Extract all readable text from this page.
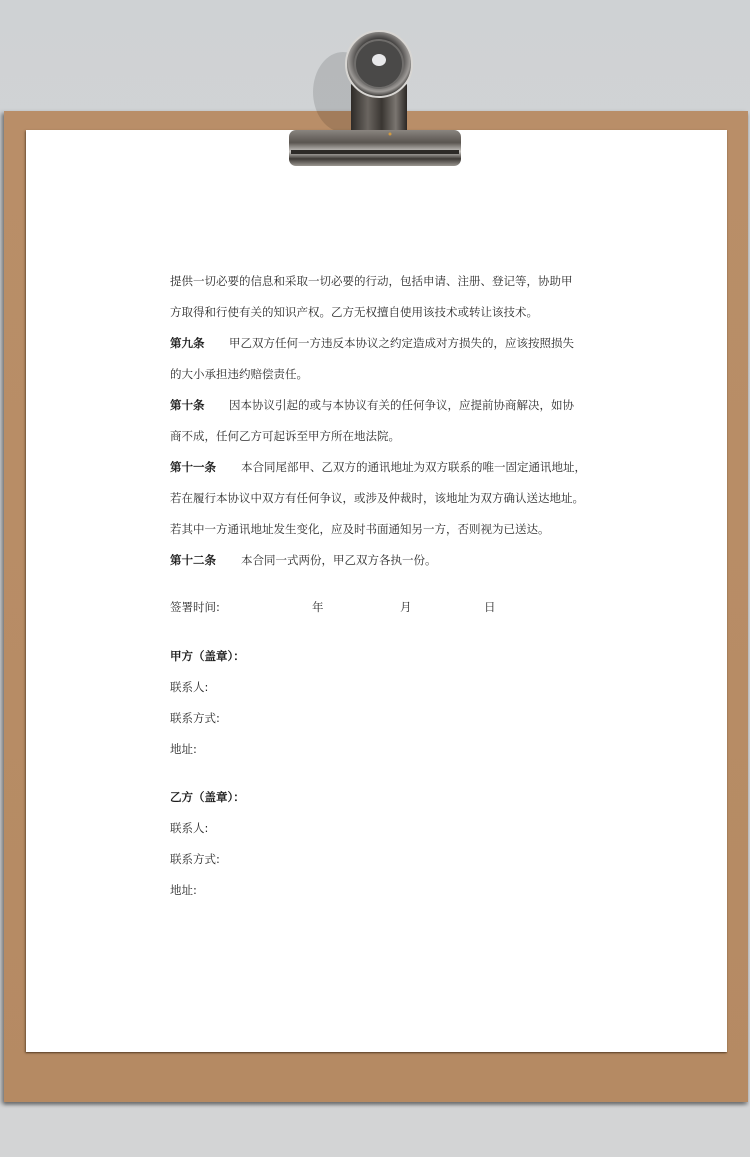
提供一切必要的信息和采取一切必要的行动，包括申请、注册、登记等，协助甲
方取得和行使有关的知识产权。乙方无权擅自使用该技术或转让该技术。
第九条 甲乙双方任何一方违反本协议之约定造成对方损失的，应该按照损失
的大小承担违约赔偿责任。
第十条 因本协议引起的或与本协议有关的任何争议，应提前协商解决，如协
商不成，任何乙方可起诉至甲方所在地法院。
第十一条 本合同尾部甲、乙双方的通讯地址为双方联系的唯一固定通讯地址，
若在履行本协议中双方有任何争议，或涉及仲裁时，该地址为双方确认送达地址。
若其中一方通讯地址发生变化，应及时书面通知另一方，否则视为已送达。
第十二条 本合同一式两份，甲乙双方各执一份。
签署时间:	年	月	日
甲方（盖章）：
联系人:
联系方式:
地址:
乙方（盖章）：
联系人:
联系方式:
地址:
